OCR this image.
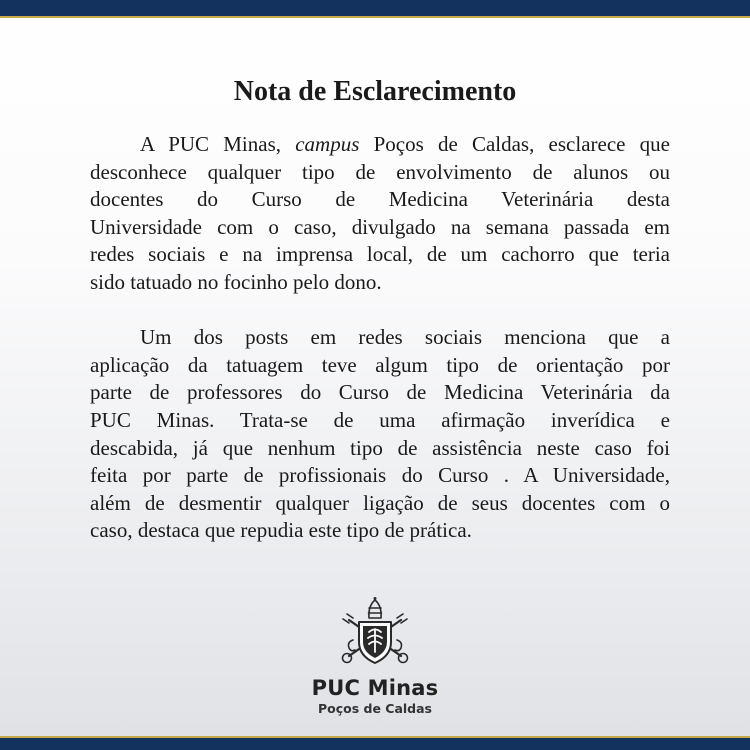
Nota de Esclarecimento
A PUC Minas, campus Poços de Caldas, esclarece que
desconhece qualquer tipo de envolvimento de alunos ou
docentes do Curso de Medicina Veterinária desta
Universidade com o caso, divulgado na semana passada em
redes sociais e na imprensa local, de um cachorro que teria
sido tatuado no focinho pelo dono.
Um dos posts em redes sociais menciona que a
aplicação da tatuagem teve algum tipo de orientação por
parte de professores do Curso de Medicina Veterinária da
PUC Minas. Trata-se de uma afirmação inverídica e
descabida, já que nenhum tipo de assistência neste caso foi
feita por parte de profissionais do Curso . A Universidade,
além de desmentir qualquer ligação de seus docentes com o
caso, destaca que repudia este tipo de prática.
PUC Minas
Poços de Caldas
